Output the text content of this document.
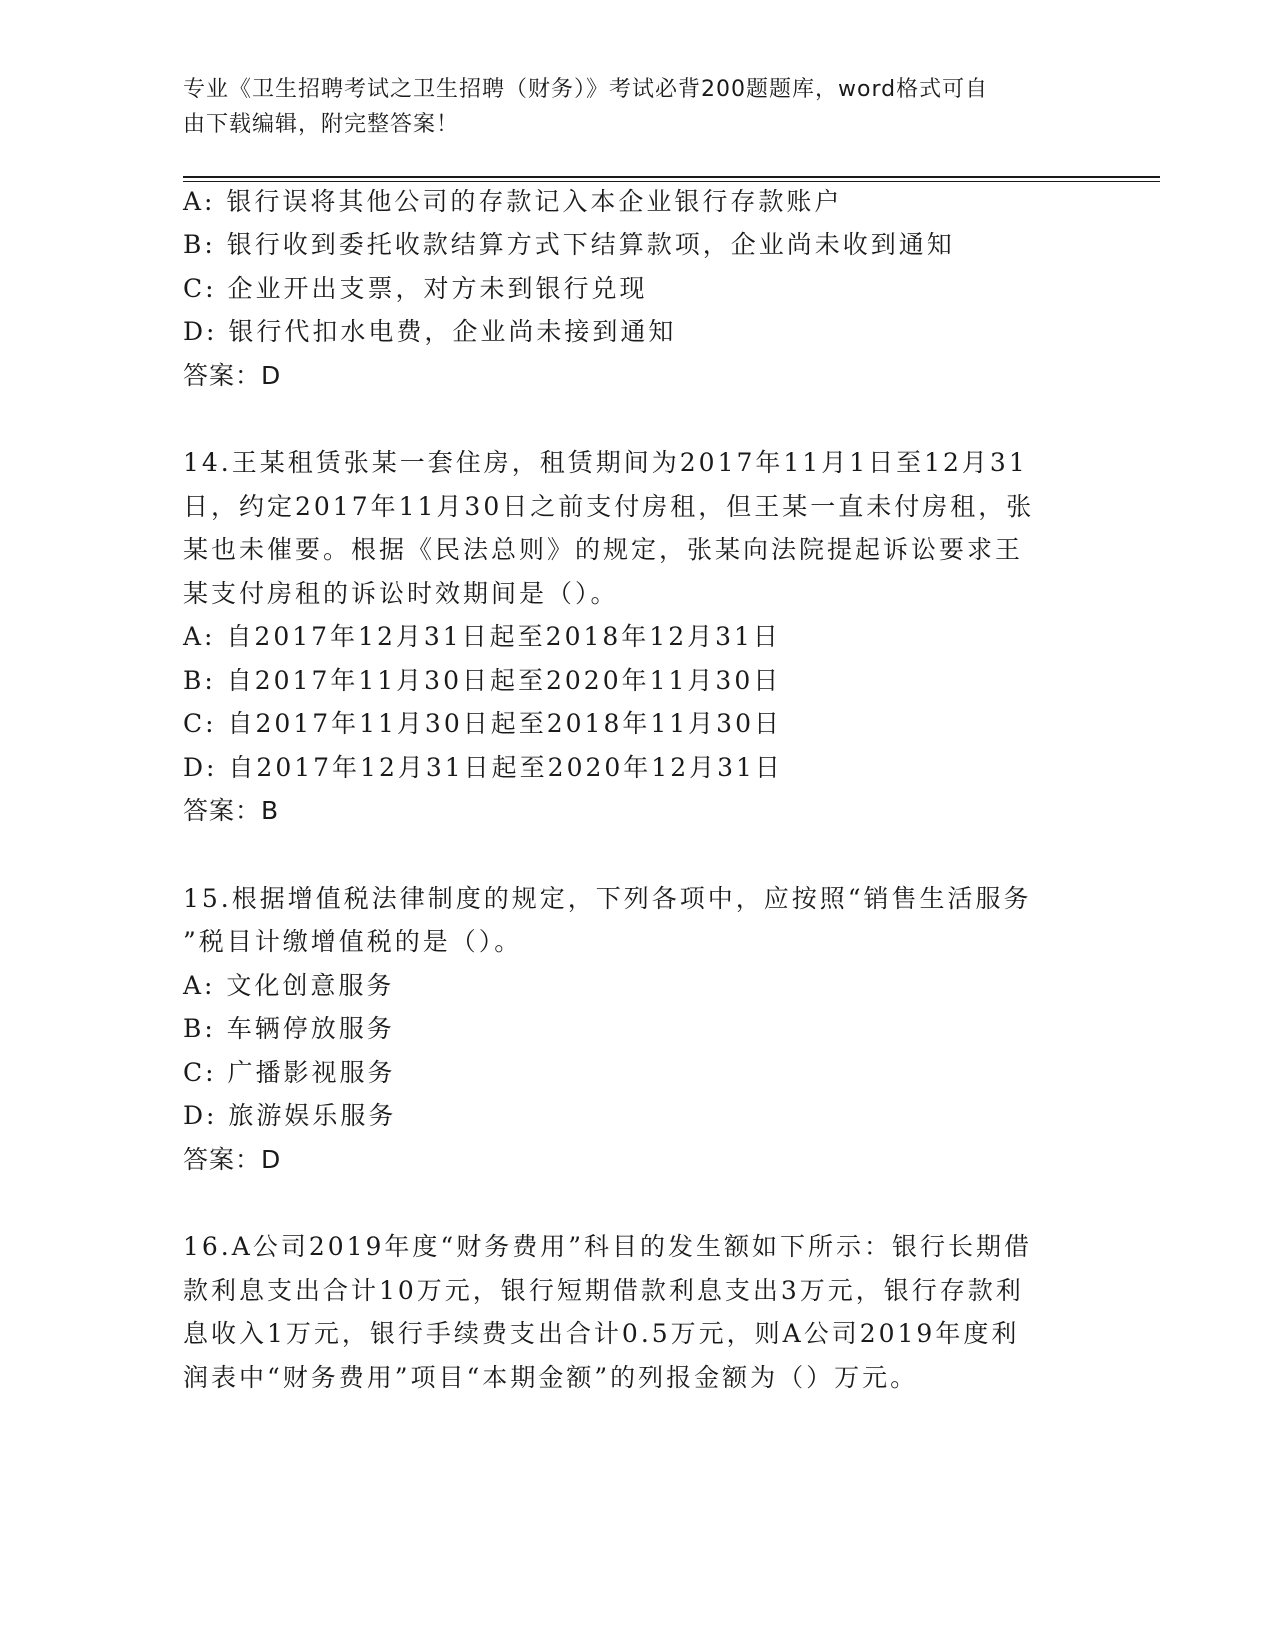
专业《卫生招聘考试之卫生招聘（财务）》考试必背200题题库，word格式可自
由下载编辑，附完整答案！
A: 银行误将其他公司的存款记入本企业银行存款账户
B: 银行收到委托收款结算方式下结算款项，企业尚未收到通知
C: 企业开出支票，对方未到银行兑现
D: 银行代扣水电费，企业尚未接到通知
答案：D
14.王某租赁张某一套住房，租赁期间为2017年11月1日至12月31
日，约定2017年11月30日之前支付房租，但王某一直未付房租，张
某也未催要。根据《民法总则》的规定，张某向法院提起诉讼要求王
某支付房租的诉讼时效期间是（）。
A: 自2017年12月31日起至2018年12月31日
B: 自2017年11月30日起至2020年11月30日
C: 自2017年11月30日起至2018年11月30日
D: 自2017年12月31日起至2020年12月31日
答案：B
15.根据增值税法律制度的规定，下列各项中，应按照“销售生活服务
”税目计缴增值税的是（）。
A: 文化创意服务
B: 车辆停放服务
C: 广播影视服务
D: 旅游娱乐服务
答案：D
16.A公司2019年度“财务费用”科目的发生额如下所示：银行长期借
款利息支出合计10万元，银行短期借款利息支出3万元，银行存款利
息收入1万元，银行手续费支出合计0.5万元，则A公司2019年度利
润表中“财务费用”项目“本期金额”的列报金额为（）万元。
